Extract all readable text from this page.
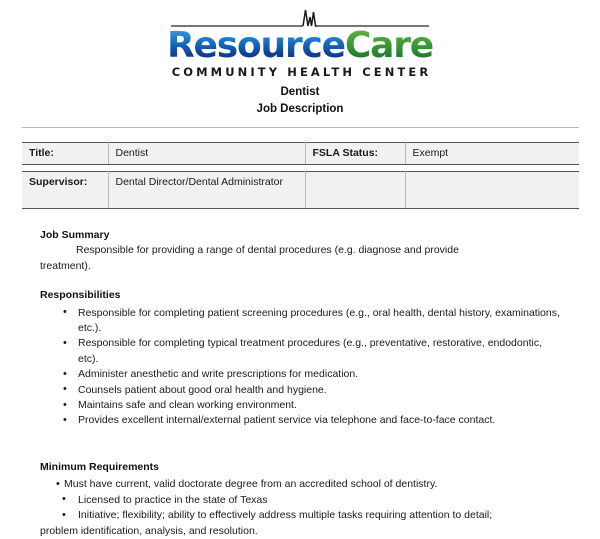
ResourceCare
COMMUNITY HEALTH CENTER
Dentist
Job Description
Title:	Dentist	FSLA Status:	Exempt
Supervisor:	Dental Director/Dental Administrator		
Job Summary

Responsible for providing a range of dental procedures (e.g. diagnose and provide treatment).

Responsibilities
• Responsible for completing patient screening procedures (e.g., oral health, dental history, examinations, etc.).
• Responsible for completing typical treatment procedures (e.g., preventative, restorative, endodontic, etc).
• Administer anesthetic and write prescriptions for medication.
• Counsels patient about good oral health and hygiene.
• Maintains safe and clean working environment.
• Provides excellent internal/external patient service via telephone and face-to-face contact.
Minimum Requirements
• Must have current, valid doctorate degree from an accredited school of dentistry.
• Licensed to practice in the state of Texas
• Initiative; flexibility; ability to effectively address multiple tasks requiring attention to detail;
problem identification, analysis, and resolution.
